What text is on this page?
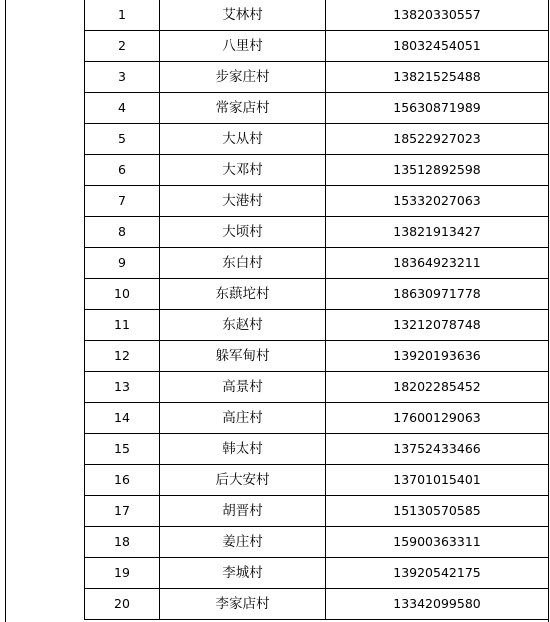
1	艾林村	13820330557
2	八里村	18032454051
3	步家庄村	13821525488
4	常家店村	15630871989
5	大从村	18522927023
6	大邓村	13512892598
7	大港村	15332027063
8	大顷村	13821913427
9	东白村	18364923211
10	东蕻坨村	18630971778
11	东赵村	13212078748
12	躲军甸村	13920193636
13	高景村	18202285452
14	高庄村	17600129063
15	韩太村	13752433466
16	后大安村	13701015401
17	胡晋村	15130570585
18	姜庄村	15900363311
19	李城村	13920542175
20	李家店村	13342099580
